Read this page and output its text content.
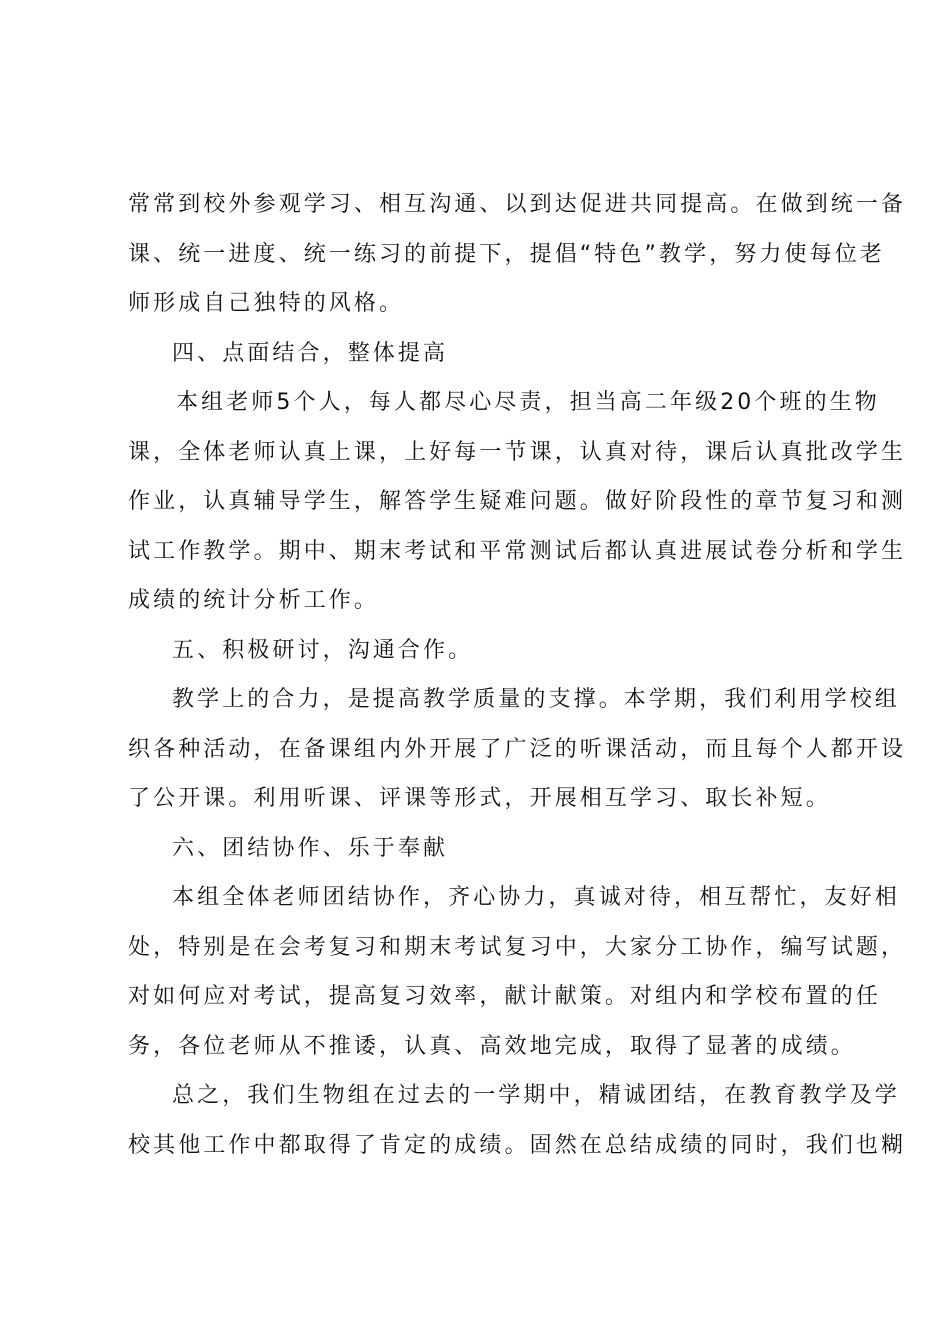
常常到校外参观学习、相互沟通、以到达促进共同提高。在做到统一备
课、统一进度、统一练习的前提下，提倡“特色”教学，努力使每位老
师形成自己独特的风格。
四、点面结合，整体提高
本组老师5个人，每人都尽心尽责，担当高二年级20个班的生物
课，全体老师认真上课，上好每一节课，认真对待，课后认真批改学生
作业，认真辅导学生，解答学生疑难问题。做好阶段性的章节复习和测
试工作教学。期中、期末考试和平常测试后都认真进展试卷分析和学生
成绩的统计分析工作。
五、积极研讨，沟通合作。
教学上的合力，是提高教学质量的支撑。本学期，我们利用学校组
织各种活动，在备课组内外开展了广泛的听课活动，而且每个人都开设
了公开课。利用听课、评课等形式，开展相互学习、取长补短。
六、团结协作、乐于奉献
本组全体老师团结协作，齐心协力，真诚对待，相互帮忙，友好相
处，特别是在会考复习和期末考试复习中，大家分工协作，编写试题，
对如何应对考试，提高复习效率，献计献策。对组内和学校布置的任
务，各位老师从不推诿，认真、高效地完成，取得了显著的成绩。
总之，我们生物组在过去的一学期中，精诚团结，在教育教学及学
校其他工作中都取得了肯定的成绩。固然在总结成绩的同时，我们也糊
